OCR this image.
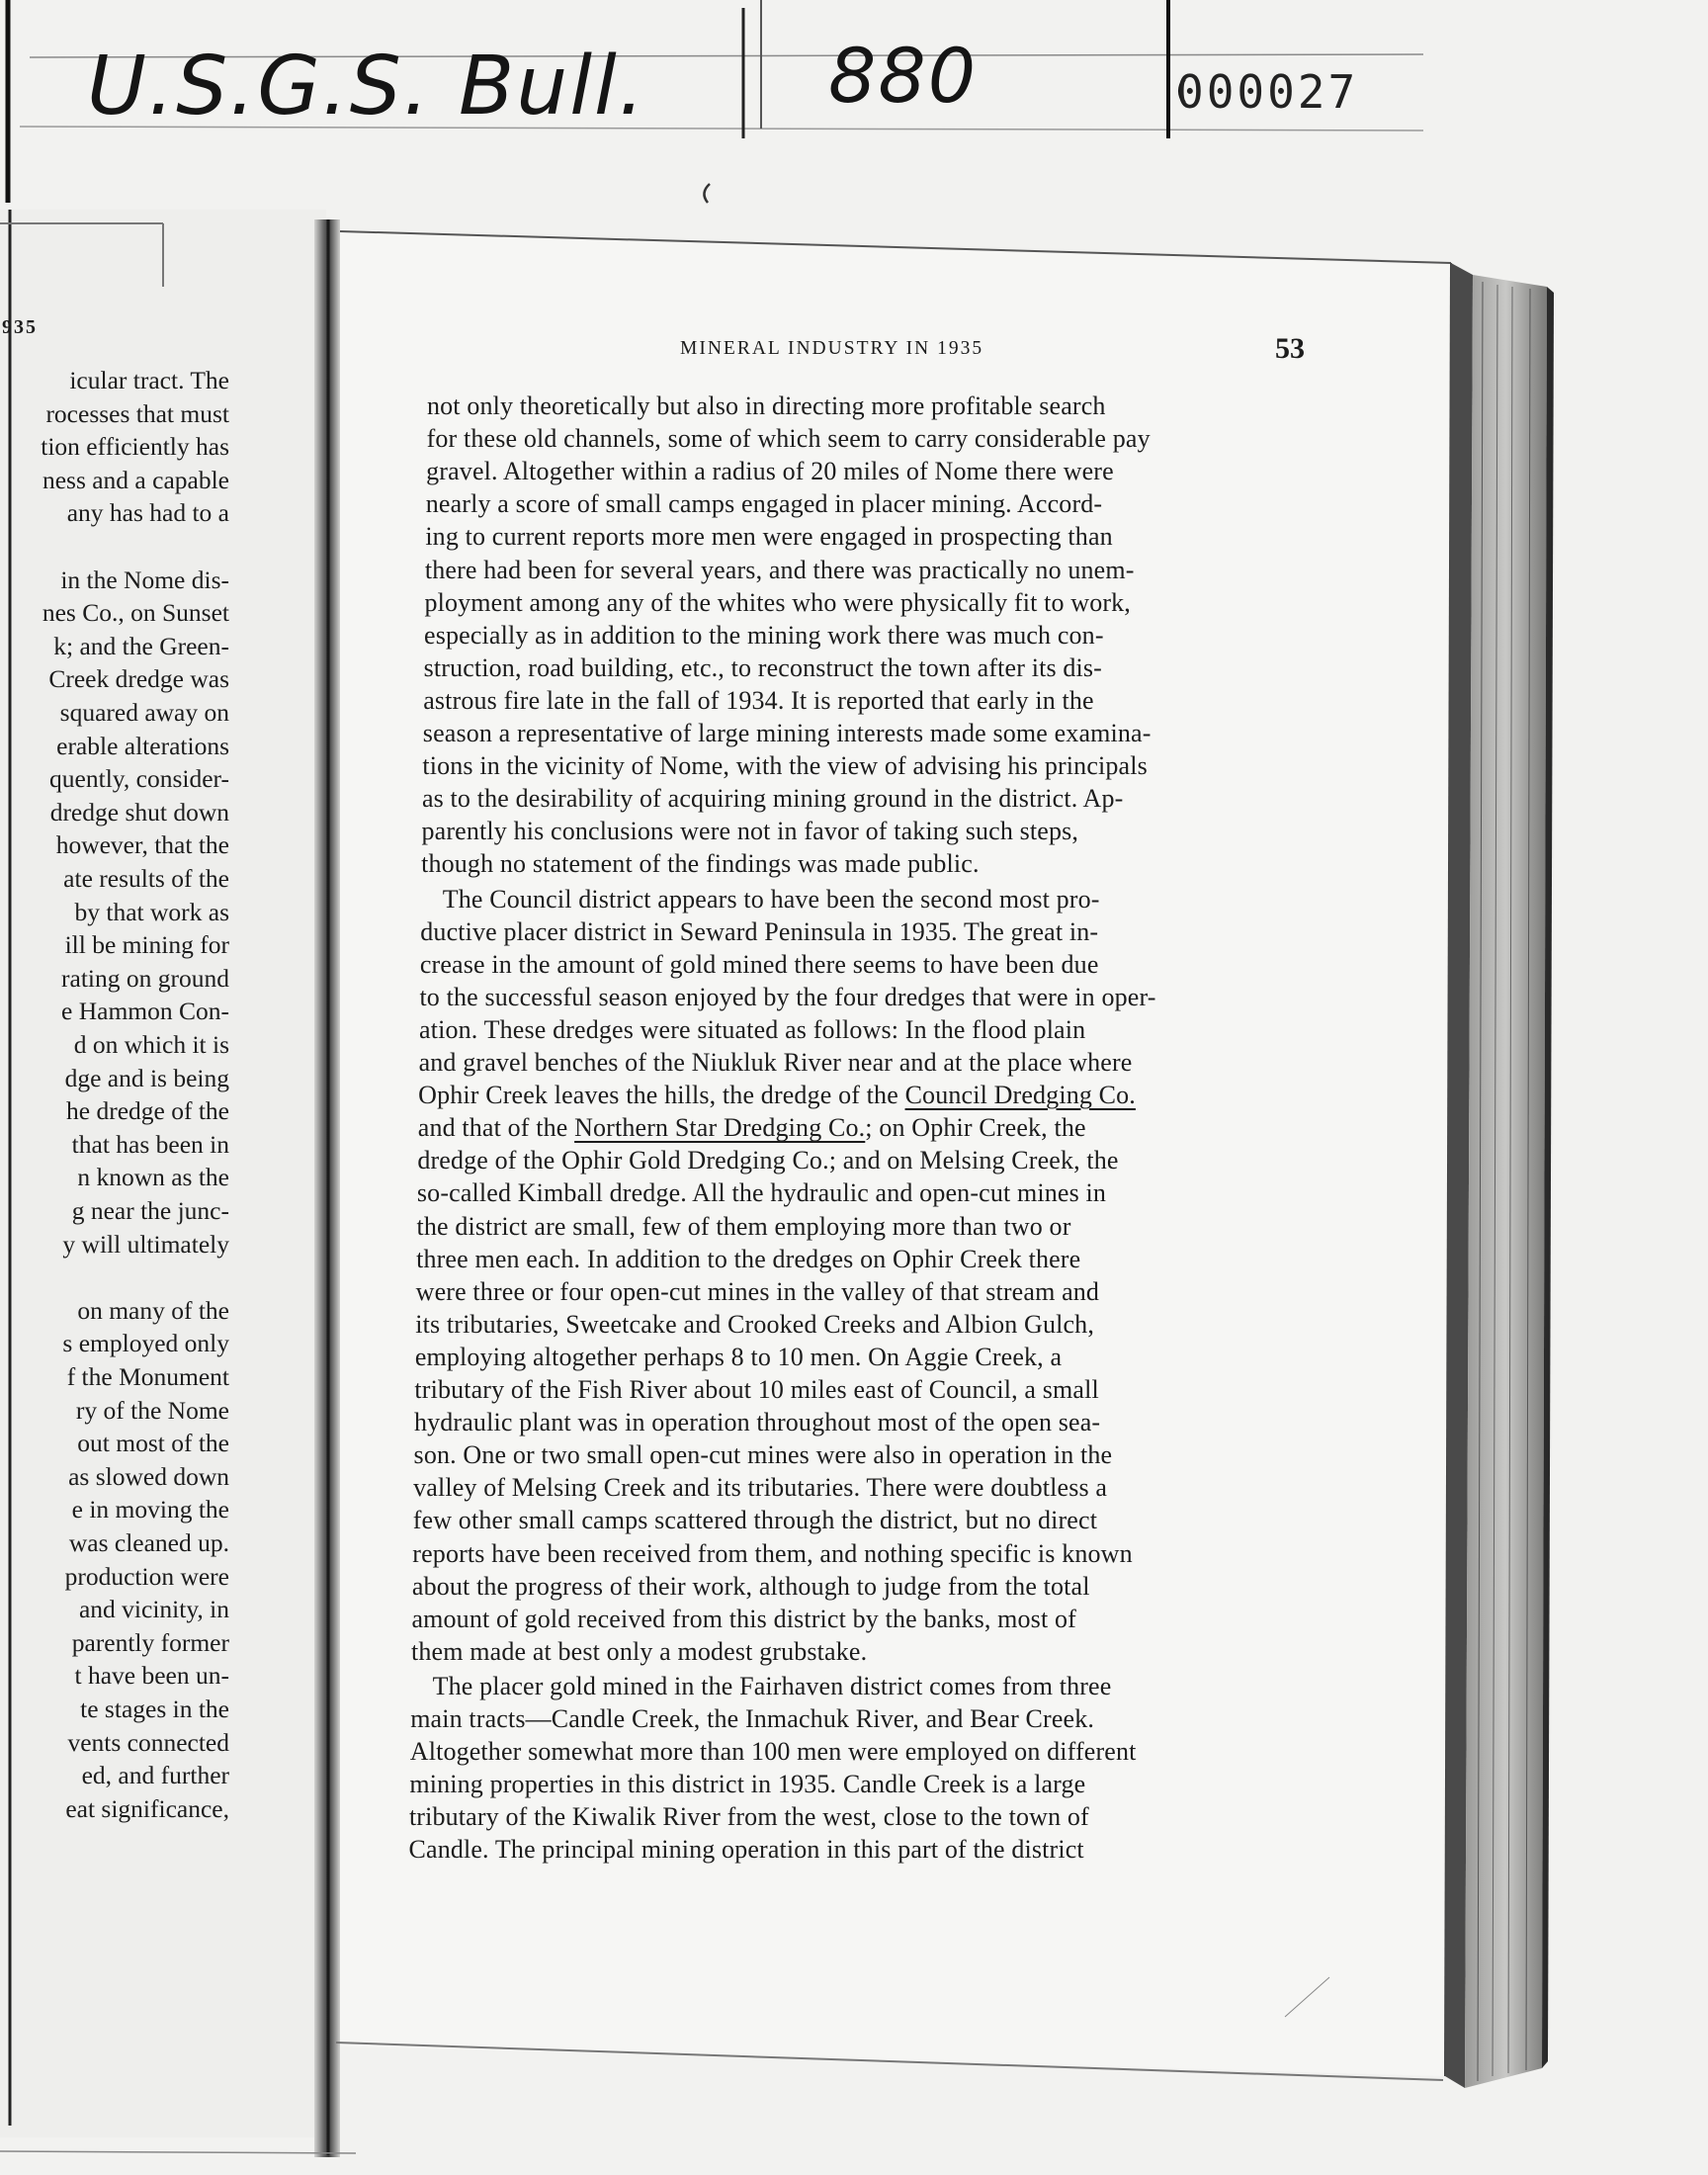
U.S.G.S. Bull. 880	000027
935
icular tract. The
rocesses that must
tion efficiently has
ness and a capable
any has had to a
in the Nome dis-
nes Co., on Sunset
k; and the Green-
Creek dredge was
squared away on
erable alterations
quently, consider-
dredge shut down
however, that the
ate results of the
by that work as
ill be mining for
rating on ground
e Hammon Con-
d on which it is
dge and is being
he dredge of the
that has been in
n known as the
g near the junc-
y will ultimately
on many of the
s employed only
f the Monument
ry of the Nome
out most of the
as slowed down
e in moving the
was cleaned up.
production were
and vicinity, in
parently former
t have been un-
te stages in the
vents connected
ed, and further
eat significance,
MINERAL INDUSTRY IN 1935	53
not only theoretically but also in directing more profitable search
for these old channels, some of which seem to carry considerable pay
gravel. Altogether within a radius of 20 miles of Nome there were
nearly a score of small camps engaged in placer mining. Accord-
ing to current reports more men were engaged in prospecting than
there had been for several years, and there was practically no unem-
ployment among any of the whites who were physically fit to work,
especially as in addition to the mining work there was much con-
struction, road building, etc., to reconstruct the town after its dis-
astrous fire late in the fall of 1934. It is reported that early in the
season a representative of large mining interests made some examina-
tions in the vicinity of Nome, with the view of advising his principals
as to the desirability of acquiring mining ground in the district. Ap-
parently his conclusions were not in favor of taking such steps,
though no statement of the findings was made public.
The Council district appears to have been the second most pro-
ductive placer district in Seward Peninsula in 1935. The great in-
crease in the amount of gold mined there seems to have been due
to the successful season enjoyed by the four dredges that were in oper-
ation. These dredges were situated as follows: In the flood plain
and gravel benches of the Niukluk River near and at the place where
Ophir Creek leaves the hills, the dredge of the Council Dredging Co.
and that of the Northern Star Dredging Co.; on Ophir Creek, the
dredge of the Ophir Gold Dredging Co.; and on Melsing Creek, the
so-called Kimball dredge. All the hydraulic and open-cut mines in
the district are small, few of them employing more than two or
three men each. In addition to the dredges on Ophir Creek there
were three or four open-cut mines in the valley of that stream and
its tributaries, Sweetcake and Crooked Creeks and Albion Gulch,
employing altogether perhaps 8 to 10 men. On Aggie Creek, a
tributary of the Fish River about 10 miles east of Council, a small
hydraulic plant was in operation throughout most of the open sea-
son. One or two small open-cut mines were also in operation in the
valley of Melsing Creek and its tributaries. There were doubtless a
few other small camps scattered through the district, but no direct
reports have been received from them, and nothing specific is known
about the progress of their work, although to judge from the total
amount of gold received from this district by the banks, most of
them made at best only a modest grubstake.
The placer gold mined in the Fairhaven district comes from three
main tracts—Candle Creek, the Inmachuk River, and Bear Creek.
Altogether somewhat more than 100 men were employed on different
mining properties in this district in 1935. Candle Creek is a large
tributary of the Kiwalik River from the west, close to the town of
Candle. The principal mining operation in this part of the district
